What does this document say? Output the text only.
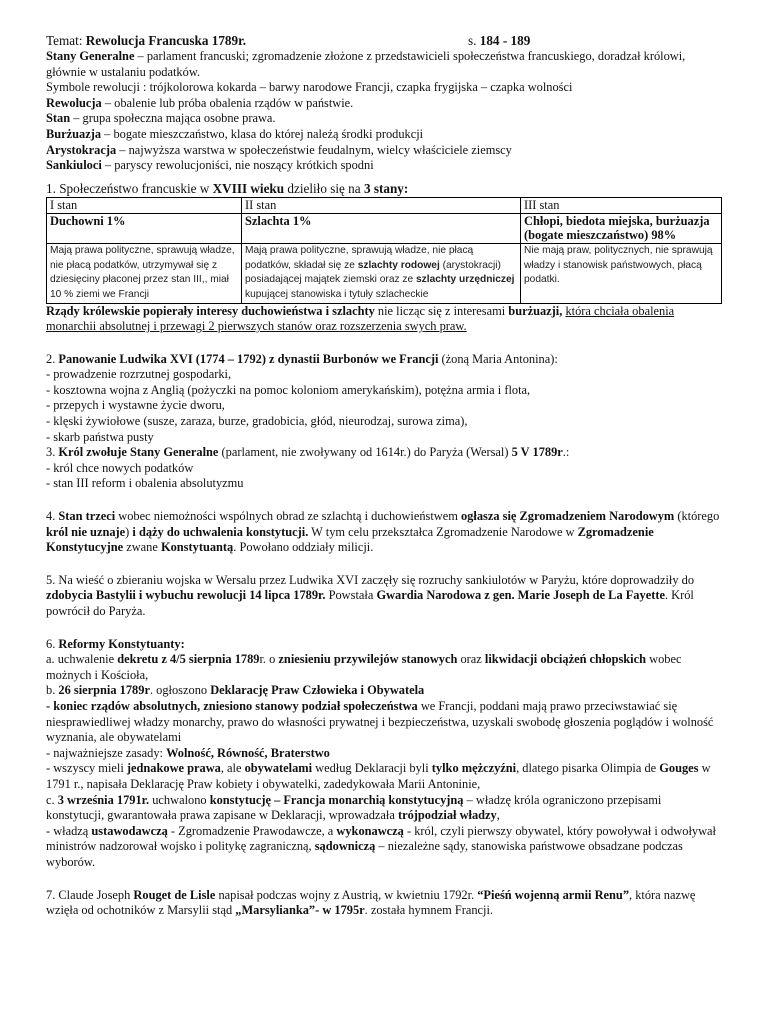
Temat: Rewolucja Francuska 1789r.	s. 184 - 189

Stany Generalne – parlament francuski; zgromadzenie złożone z przedstawicieli społeczeństwa francuskiego, doradzał królowi, głównie w ustalaniu podatków.

Symbole rewolucji : trójkolorowa kokarda – barwy narodowe Francji, czapka frygijska – czapka wolności

Rewolucja – obalenie lub próba obalenia rządów w państwie.

Stan – grupa społeczna mająca osobne prawa.

Burżuazja – bogate mieszczaństwo, klasa do której należą środki produkcji

Arystokracja – najwyższa warstwa w społeczeństwie feudalnym, wielcy właściciele ziemscy

Sankiuloci – paryscy rewolucjoniści, nie noszący krótkich spodni

1. Społeczeństwo francuskie w XVIII wieku dzieliło się na 3 stany:
I stan	II stan	III stan
Duchowni 1%	Szlachta 1%	Chłopi, biedota miejska, burżuazja (bogate mieszczaństwo) 98%
Mają prawa polityczne, sprawują władze, nie płacą podatków, utrzymywał się z dziesięciny płaconej przez stan III,, miał 10 % ziemi we Francji	Mają prawa polityczne, sprawują władze, nie płacą podatków, składał się ze szlachty rodowej (arystokracji) posiadającej majątek ziemski oraz ze szlachty urzędniczej kupującej stanowiska i tytuły szlacheckie	Nie mają praw, politycznych, nie sprawują władzy i stanowisk państwowych, płacą podatki.

Rządy królewskie popierały interesy duchowieństwa i szlachty nie licząc się z interesami burżuazji, która chciała obalenia monarchii absolutnej i przewagi 2 pierwszych stanów oraz rozszerzenia swych praw.

2. Panowanie Ludwika XVI (1774 – 1792) z dynastii Burbonów we Francji (żoną Maria Antonina):

- prowadzenie rozrzutnej gospodarki,

- kosztowna wojna z Anglią (pożyczki na pomoc koloniom amerykańskim), potężna armia i flota,

- przepych i wystawne życie dworu,

- klęski żywiołowe (susze, zaraza, burze, gradobicia, głód, nieurodzaj, surowa zima),

- skarb państwa pusty

3. Król zwołuje Stany Generalne (parlament, nie zwoływany od 1614r.) do Paryża (Wersal) 5 V 1789r.:

- król chce nowych podatków

- stan III reform i obalenia absolutyzmu

4. Stan trzeci wobec niemożności wspólnych obrad ze szlachtą i duchowieństwem ogłasza się Zgromadzeniem Narodowym (którego król nie uznaje) i dąży do uchwalenia konstytucji. W tym celu przekształca Zgromadzenie Narodowe w Zgromadzenie Konstytucyjne zwane Konstytuantą. Powołano oddziały milicji.

5. Na wieść o zbieraniu wojska w Wersalu przez Ludwika XVI zaczęły się rozruchy sankiulotów w Paryżu, które doprowadziły do zdobycia Bastylii i wybuchu rewolucji 14 lipca 1789r. Powstała Gwardia Narodowa z gen. Marie Joseph de La Fayette. Król powrócił do Paryża.

6. Reformy Konstytuanty:

a. uchwalenie dekretu z 4/5 sierpnia 1789r. o zniesieniu przywilejów stanowych oraz likwidacji obciążeń chłopskich wobec możnych i Kościoła,

b. 26 sierpnia 1789r. ogłoszono Deklarację Praw Człowieka i Obywatela

- koniec rządów absolutnych, zniesiono stanowy podział społeczeństwa we Francji, poddani mają prawo przeciwstawiać się niesprawiedliwej władzy monarchy, prawo do własności prywatnej i bezpieczeństwa, uzyskali swobodę głoszenia poglądów i wolność wyznania, ale obywatelami

- najważniejsze zasady: Wolność, Równość, Braterstwo

- wszyscy mieli jednakowe prawa, ale obywatelami według Deklaracji byli tylko mężczyźni, dlatego pisarka Olimpia de Gouges w 1791 r., napisała Deklarację Praw kobiety i obywatelki, zadedykowała Marii Antoninie,

c. 3 września 1791r. uchwalono konstytucję – Francja monarchią konstytucyjną – władzę króla ograniczono przepisami konstytucji, gwarantowała prawa zapisane w Deklaracji, wprowadzała trójpodział władzy,

- władzą ustawodawczą - Zgromadzenie Prawodawcze, a wykonawczą - król, czyli pierwszy obywatel, który powoływał i odwoływał ministrów nadzorował wojsko i politykę zagraniczną, sądowniczą – niezależne sądy, stanowiska państwowe obsadzane podczas wyborów.

7. Claude Joseph Rouget de Lisle napisał podczas wojny z Austrią, w kwietniu 1792r. “Pieśń wojenną armii Renu”, która nazwę wzięła od ochotników z Marsylii stąd „Marsylianka”- w 1795r. została hymnem Francji.
